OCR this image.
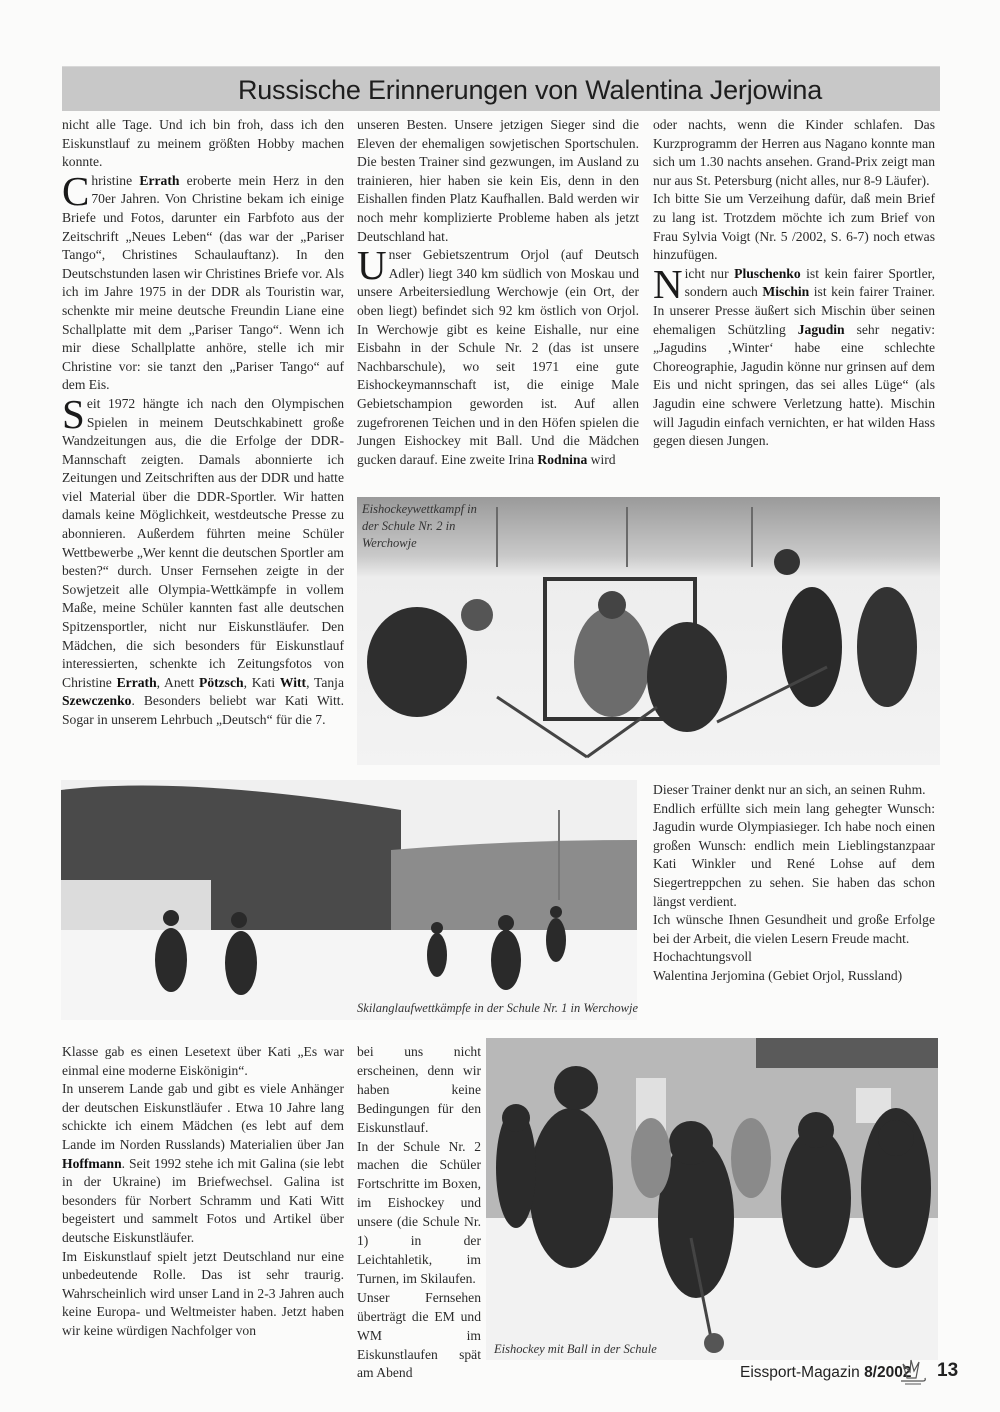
Russische Erinnerungen von Walentina Jerjowina

nicht alle Tage. Und ich bin froh, dass ich den Eiskunstlauf zu meinem größten Hobby machen konnte.

Christine Errath eroberte mein Herz in den 70er Jahren. Von Christine bekam ich einige Briefe und Fotos, darunter ein Farbfoto aus der Zeitschrift „Neues Leben“ (das war der „Pariser Tango“, Christines Schaulauftanz). In den Deutschstunden lasen wir Christines Briefe vor. Als ich im Jahre 1975 in der DDR als Touristin war, schenkte mir meine deutsche Freundin Liane eine Schallplatte mit dem „Pariser Tango“. Wenn ich mir diese Schallplatte anhöre, stelle ich mir Christine vor: sie tanzt den „Pariser Tango“ auf dem Eis.

Seit 1972 hängte ich nach den Olympischen Spielen in meinem Deutschkabinett große Wandzeitungen aus, die die Erfolge der DDR-Mannschaft zeigten. Damals abonnierte ich Zeitungen und Zeitschriften aus der DDR und hatte viel Material über die DDR-Sportler. Wir hatten damals keine Möglichkeit, westdeutsche Presse zu abonnieren. Außerdem führten meine Schüler Wettbewerbe „Wer kennt die deutschen Sportler am besten?“ durch. Unser Fernsehen zeigte in der Sowjetzeit alle Olympia-Wettkämpfe in vollem Maße, meine Schüler kannten fast alle deutschen Spitzensportler, nicht nur Eiskunstläufer. Den Mädchen, die sich besonders für Eiskunstlauf interessierten, schenkte ich Zeitungsfotos von Christine Errath, Anett Pötzsch, Kati Witt, Tanja Szewczenko. Besonders beliebt war Kati Witt. Sogar in unserem Lehrbuch „Deutsch“ für die 7.

unseren Besten. Unsere jetzigen Sieger sind die Eleven der ehemaligen sowjetischen Sportschulen. Die besten Trainer sind gezwungen, im Ausland zu trainieren, hier haben sie kein Eis, denn in den Eishallen finden Platz Kaufhallen. Bald werden wir noch mehr komplizierte Probleme haben als jetzt Deutschland hat.

Unser Gebietszentrum Orjol (auf Deutsch Adler) liegt 340 km südlich von Moskau und unsere Arbeitersiedlung Werchowje (ein Ort, der oben liegt) befindet sich 92 km östlich von Orjol. In Werchowje gibt es keine Eishalle, nur eine Eisbahn in der Schule Nr. 2 (das ist unsere Nachbarschule), wo seit 1971 eine gute Eishockeymannschaft ist, die einige Male Gebietschampion geworden ist. Auf allen zugefrorenen Teichen und in den Höfen spielen die Jungen Eishockey mit Ball. Und die Mädchen gucken darauf. Eine zweite Irina Rodnina wird

oder nachts, wenn die Kinder schlafen. Das Kurzprogramm der Herren aus Nagano konnte man sich um 1.30 nachts ansehen. Grand-Prix zeigt man nur aus St. Petersburg (nicht alles, nur 8-9 Läufer).

Ich bitte Sie um Verzeihung dafür, daß mein Brief zu lang ist. Trotzdem möchte ich zum Brief von Frau Sylvia Voigt (Nr. 5 /2002, S. 6-7) noch etwas hinzufügen.

Nicht nur Pluschenko ist kein fairer Sportler, sondern auch Mischin ist kein fairer Trainer. In unserer Presse äußert sich Mischin über seinen ehemaligen Schützling Jagudin sehr negativ: „Jagudins ‚Winter‘ habe eine schlechte Choreographie, Jagudin könne nur grinsen auf dem Eis und nicht springen, das sei alles Lüge“ (als Jagudin eine schwere Verletzung hatte). Mischin will Jagudin einfach vernichten, er hat wilden Hass gegen diesen Jungen.

Eishockeywettkampf in der Schule Nr. 2 in Werchowje
Skilanglaufwettkämpfe in der Schule Nr. 1 in Werchowje

Dieser Trainer denkt nur an sich, an seinen Ruhm.

Endlich erfüllte sich mein lang gehegter Wunsch: Jagudin wurde Olympiasieger. Ich habe noch einen großen Wunsch: endlich mein Lieblingstanzpaar Kati Winkler und René Lohse auf dem Siegertreppchen zu sehen. Sie haben das schon längst verdient.

Ich wünsche Ihnen Gesundheit und große Erfolge bei der Arbeit, die vielen Lesern Freude macht.

Hochachtungsvoll

Walentina Jerjomina (Gebiet Orjol, Russland)

Klasse gab es einen Lesetext über Kati „Es war einmal eine moderne Eiskönigin“.

In unserem Lande gab und gibt es viele Anhänger der deutschen Eiskunstläufer . Etwa 10 Jahre lang schickte ich einem Mädchen (es lebt auf dem Lande im Norden Russlands) Materialien über Jan Hoffmann. Seit 1992 stehe ich mit Galina (sie lebt in der Ukraine) im Briefwechsel. Galina ist besonders für Norbert Schramm und Kati Witt begeistert und sammelt Fotos und Artikel über deutsche Eiskunstläufer.

Im Eiskunstlauf spielt jetzt Deutschland nur eine unbedeutende Rolle. Das ist sehr traurig. Wahrscheinlich wird unser Land in 2-3 Jahren auch keine Europa- und Weltmeister haben. Jetzt haben wir keine würdigen Nachfolger von

bei uns nicht erscheinen, denn wir haben keine Bedingungen für den Eiskunstlauf.

In der Schule Nr. 2 machen die Schüler Fortschritte im Boxen, im Eishockey und unsere (die Schule Nr. 1) in der Leichtahletik, im Turnen, im Skilaufen.

Unser Fernsehen überträgt die EM und WM im Eiskunstlaufen spät am Abend

Eishockey mit Ball in der Schule
Eissport-Magazin 8/2002 13
